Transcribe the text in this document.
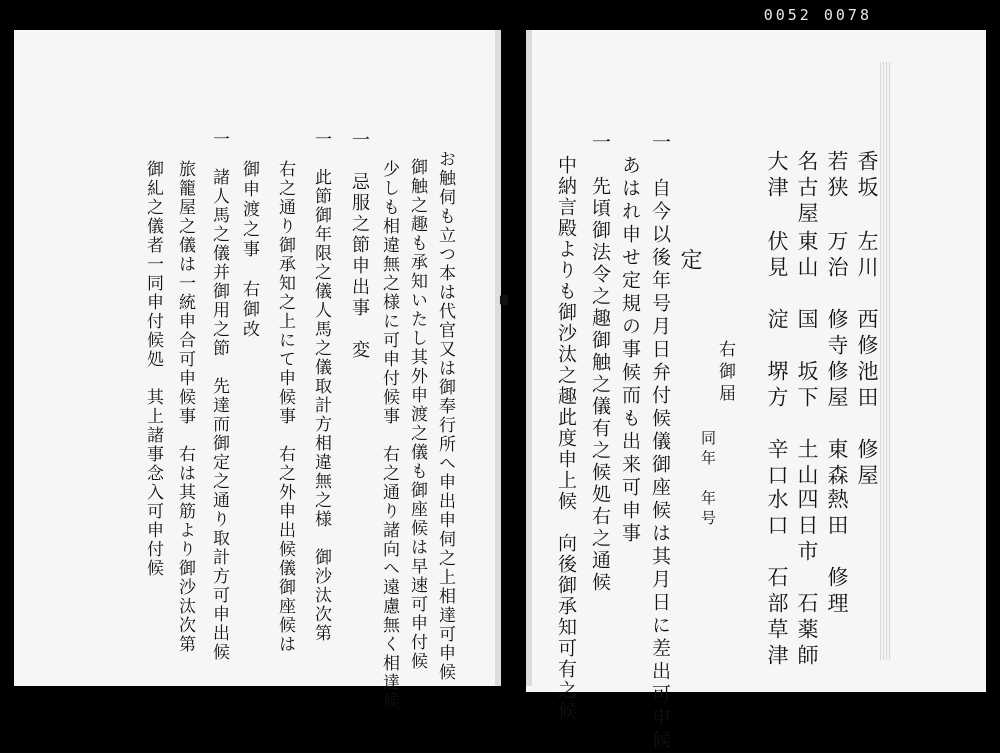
0052 0078
香坂
若狭
名古屋
大津
左川　西修
万治　修寺
東山　国
伏見　淀
池田　修屋
修屋　東森
坂下　土山
堺方　辛口
熱田　修理
四日市　石薬師
水口　石部草津
右御届
同年　年号
定
一　自今以後年号月日弁付候儀御座候は其月日に差出可申候
あはれ申せ定規の事候而も出来可申事
一　先頃御法令之趣御触之儀有之候処右之通候
中納言殿よりも御沙汰之趣此度申上候　向後御承知可有之候
お触伺も立つ本は代官又は御奉行所へ申出申伺之上相達可申候
御触之趣も承知いたし其外申渡之儀も御座候は早速可申付候
少しも相違無之様に可申付候事　右之通り諸向へ遠慮無く相達候
一　忌服之節申出事　変
一　此節御年限之儀人馬之儀取計方相違無之様　御沙汰次第
右之通り御承知之上にて申候事　右之外申出候儀御座候は
御申渡之事　右御改
一　諸人馬之儀并御用之節　先達而御定之通り取計方可申出候
旅籠屋之儀は一統申合可申候事　右は其筋より御沙汰次第
御糺之儀者一同申付候処　其上諸事念入可申付候
